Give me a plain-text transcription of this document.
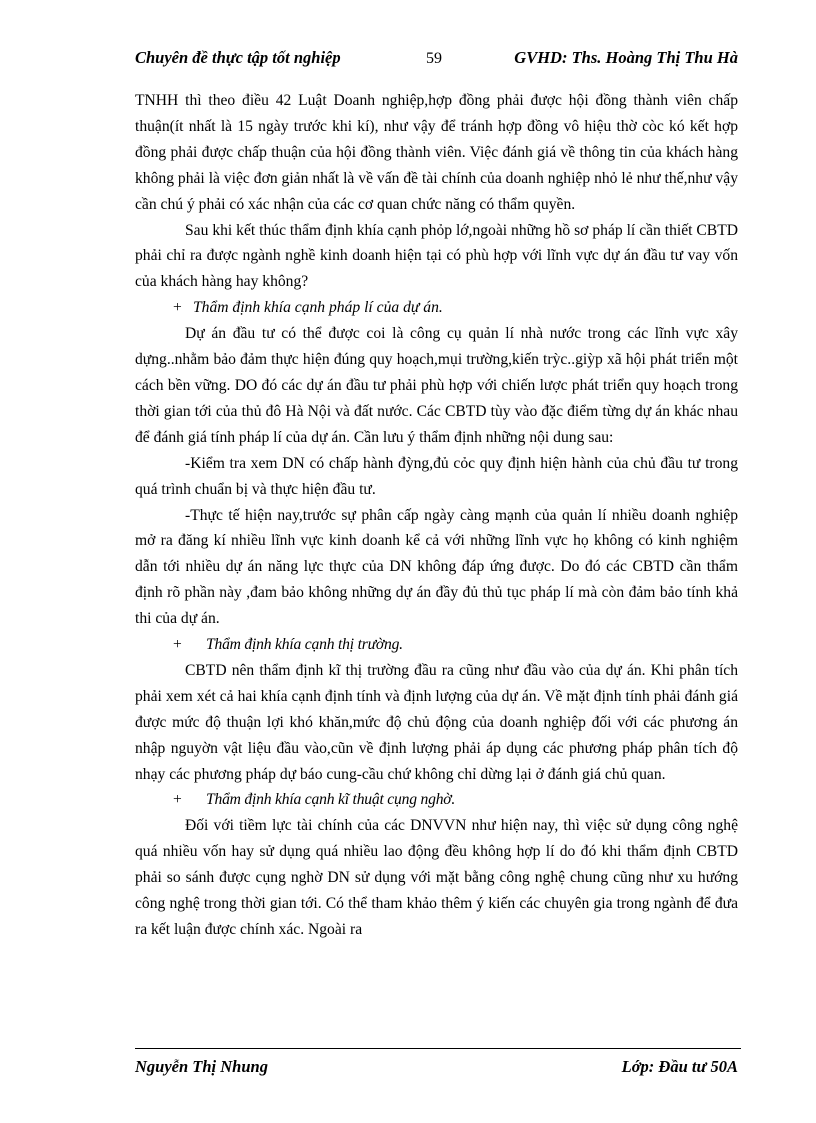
Chuyên đề thực tập tốt nghiệp	59	GVHD: Ths. Hoàng Thị Thu Hà

TNHH thì theo điều 42 Luật Doanh nghiệp,hợp đồng phải được hội đồng thành viên chấp thuận(ít nhất là 15 ngày trước khi kí), như vậy để tránh hợp đồng vô hiệu thờ còc kó kết hợp đồng phải được chấp thuận của hội đồng thành viên. Việc đánh giá về thông tin của khách hàng không phải là việc đơn giản nhất là về vấn đề tài chính của doanh nghiệp nhỏ lẻ như thế,như vậy cần chú ý phải có xác nhận của các cơ quan chức năng có thẩm quyền.

Sau khi kết thúc thẩm định khía cạnh phỏp lớ,ngoài những hồ sơ pháp lí cần thiết CBTD phải chỉ ra được ngành nghề kinh doanh hiện tại có phù hợp với lĩnh vực dự án đầu tư vay vốn của khách hàng hay không?

+ Thẩm định khía cạnh pháp lí của dự án.

Dự án đầu tư có thể được coi là công cụ quản lí nhà nước trong các lĩnh vực xây dựng..nhằm bảo đảm thực hiện đúng quy hoạch,mụi trường,kiến trỳc..giỳp xã hội phát triển một cách bền vững. DO đó các dự án đầu tư phải phù hợp với chiến lược phát triển quy hoạch trong thời gian tới của thủ đô Hà Nội và đất nước. Các CBTD tùy vào đặc điểm từng dự án khác nhau để đánh giá tính pháp lí của dự án. Cần lưu ý thẩm định những nội dung sau:

-Kiểm tra xem DN có chấp hành đỳng,đủ cỏc quy định hiện hành của chủ đầu tư trong quá trình chuẩn bị và thực hiện đầu tư.

-Thực tế hiện nay,trước sự phân cấp ngày càng mạnh của quản lí nhiều doanh nghiệp mở ra đăng kí nhiều lĩnh vực kinh doanh kể cả với những lĩnh vực họ không có kinh nghiệm dẫn tới nhiều dự án năng lực thực của DN không đáp ứng được. Do đó các CBTD cần thẩm định rõ phần này ,đam bảo không những dự án đầy đủ thủ tục pháp lí mà còn đảm bảo tính khả thi của dự án.

+ Thẩm định khía cạnh thị trường.

CBTD nên thẩm định kĩ thị trường đầu ra cũng như đầu vào của dự án. Khi phân tích phải xem xét cả hai khía cạnh định tính và định lượng của dự án. Về mặt định tính phải đánh giá được mức độ thuận lợi khó khăn,mức độ chủ động của doanh nghiệp đối với các phương án nhập nguyờn vật liệu đầu vào,cũn về định lượng phải áp dụng các phương pháp phân tích độ nhạy các phương pháp dự báo cung-cầu chứ không chỉ dừng lại ở đánh giá chủ quan.

+ Thẩm định khía cạnh kĩ thuật cụng nghờ.

Đối với tiềm lực tài chính của các DNVVN như hiện nay, thì việc sử dụng công nghệ quá nhiều vốn hay sử dụng quá nhiều lao động đều không hợp lí do đó khi thẩm định CBTD phải so sánh được cụng nghờ DN sử dụng với mặt bằng công nghệ chung cũng như xu hướng công nghệ trong thời gian tới. Có thể tham khảo thêm ý kiến các chuyên gia trong ngành để đưa ra kết luận được chính xác. Ngoài ra

Nguyễn Thị Nhung	Lớp: Đầu tư 50A
